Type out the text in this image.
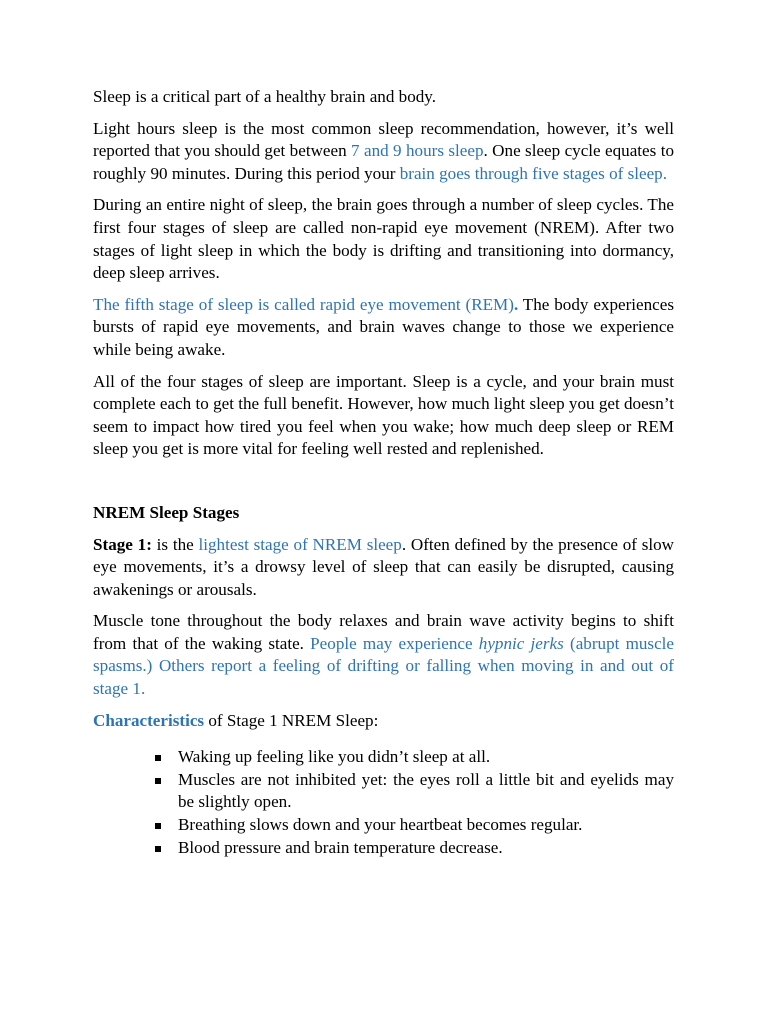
Sleep is a critical part of a healthy brain and body.

Light hours sleep is the most common sleep recommendation, however, it’s well reported that you should get between 7 and 9 hours sleep. One sleep cycle equates to roughly 90 minutes. During this period your brain goes through five stages of sleep.

During an entire night of sleep, the brain goes through a number of sleep cycles. The first four stages of sleep are called non-rapid eye movement (NREM). After two stages of light sleep in which the body is drifting and transitioning into dormancy, deep sleep arrives.

The fifth stage of sleep is called rapid eye movement (REM). The body experiences bursts of rapid eye movements, and brain waves change to those we experience while being awake.

All of the four stages of sleep are important. Sleep is a cycle, and your brain must complete each to get the full benefit. However, how much light sleep you get doesn’t seem to impact how tired you feel when you wake; how much deep sleep or REM sleep you get is more vital for feeling well rested and replenished.

NREM Sleep Stages

Stage 1: is the lightest stage of NREM sleep. Often defined by the presence of slow eye movements, it’s a drowsy level of sleep that can easily be disrupted, causing awakenings or arousals.

Muscle tone throughout the body relaxes and brain wave activity begins to shift from that of the waking state. People may experience hypnic jerks (abrupt muscle spasms.) Others report a feeling of drifting or falling when moving in and out of stage 1.

Characteristics of Stage 1 NREM Sleep:

Waking up feeling like you didn’t sleep at all.
Muscles are not inhibited yet: the eyes roll a little bit and eyelids may be slightly open.
Breathing slows down and your heartbeat becomes regular.
Blood pressure and brain temperature decrease.
